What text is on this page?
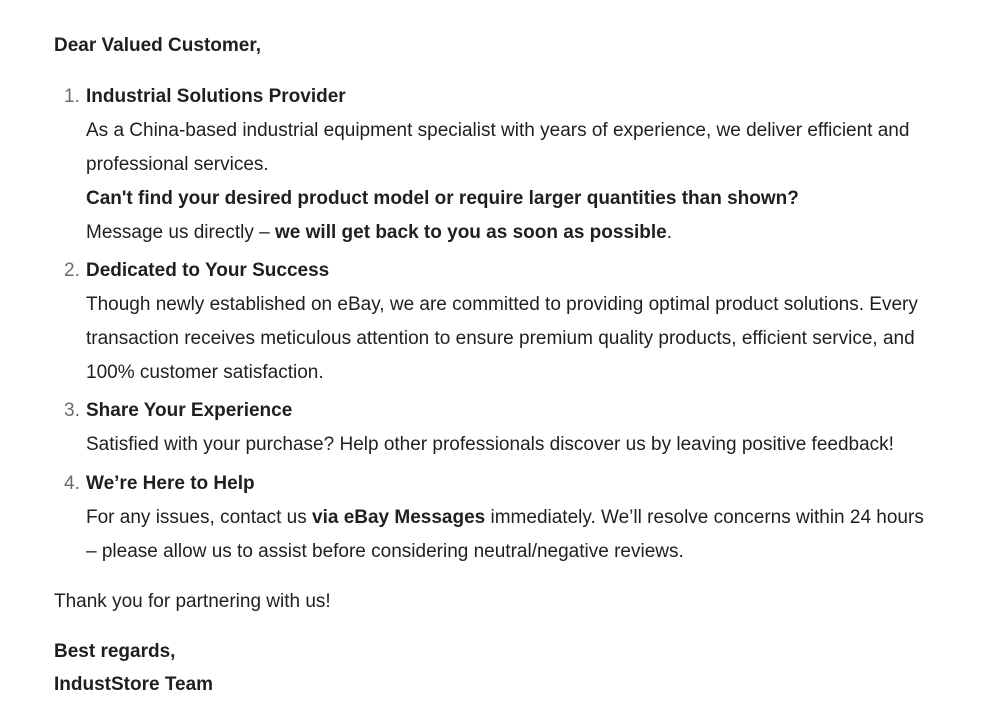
Dear Valued Customer,
1. Industrial Solutions Provider
As a China-based industrial equipment specialist with years of experience, we deliver efficient and
professional services.
Can't find your desired product model or require larger quantities than shown?
Message us directly – we will get back to you as soon as possible.
2. Dedicated to Your Success
Though newly established on eBay, we are committed to providing optimal product solutions. Every
transaction receives meticulous attention to ensure premium quality products, efficient service, and
100% customer satisfaction.
3. Share Your Experience
Satisfied with your purchase? Help other professionals discover us by leaving positive feedback!
4. We’re Here to Help
For any issues, contact us via eBay Messages immediately. We’ll resolve concerns within 24 hours
– please allow us to assist before considering neutral/negative reviews.
Thank you for partnering with us!
Best regards,
IndustStore Team
